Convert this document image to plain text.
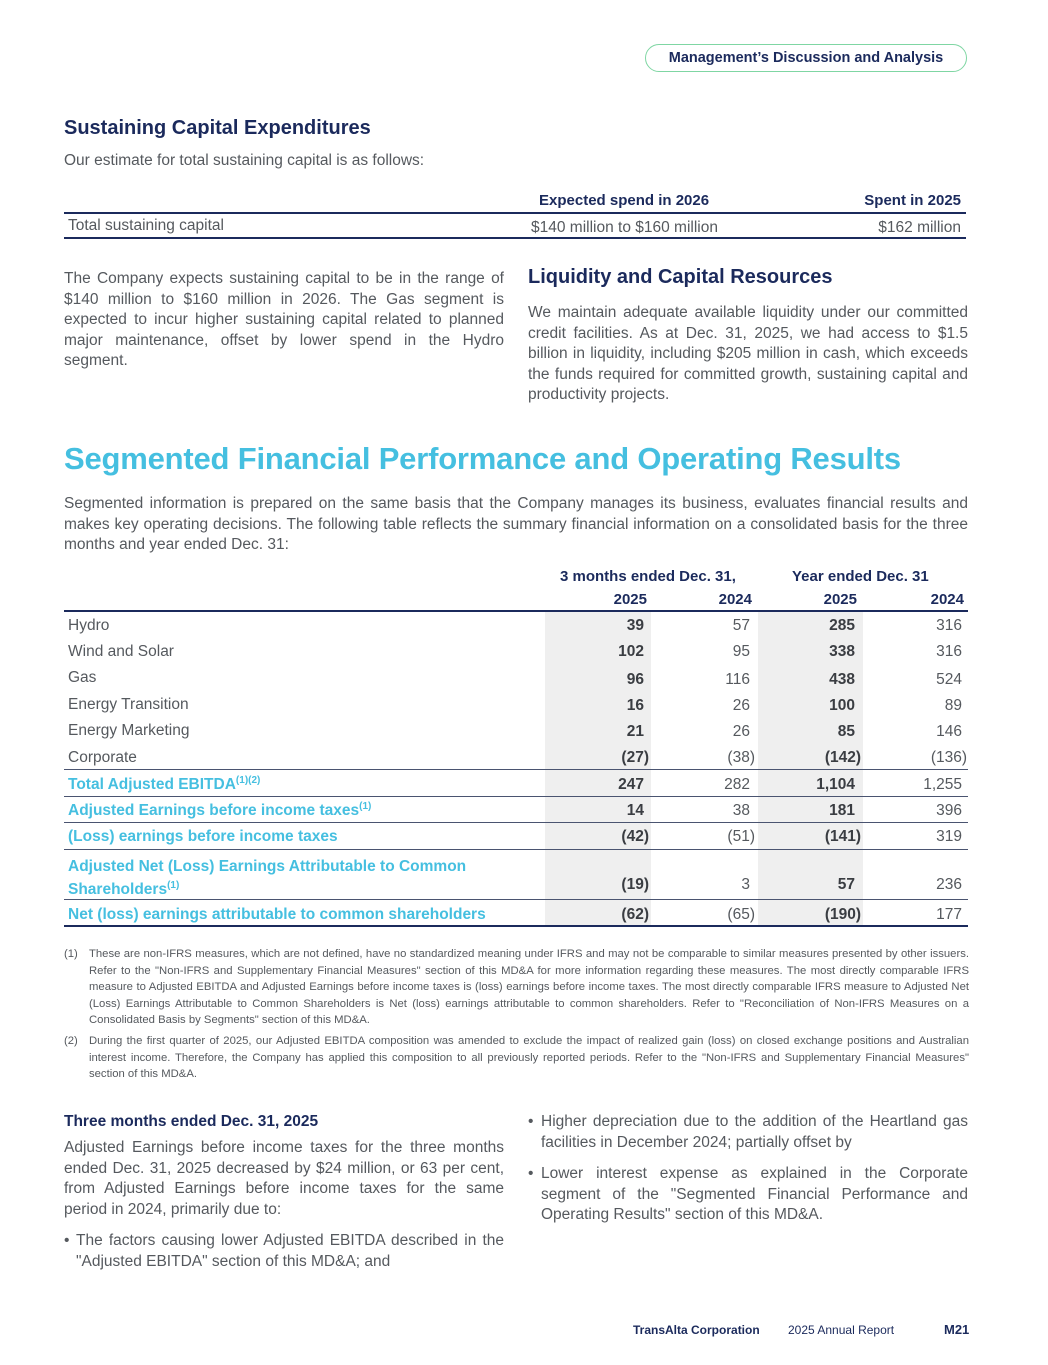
Management’s Discussion and Analysis
Sustaining Capital Expenditures
Our estimate for total sustaining capital is as follows:
Expected spend in 2026	Spent in 2025
Total sustaining capital	$140 million to $160 million	$162 million
The Company expects sustaining capital to be in the range of $140 million to $160 million in 2026. The Gas segment is expected to incur higher sustaining capital related to planned major maintenance, offset by lower spend in the Hydro segment.
Liquidity and Capital Resources
We maintain adequate available liquidity under our committed credit facilities. As at Dec. 31, 2025, we had access to $1.5 billion in liquidity, including $205 million in cash, which exceeds the funds required for committed growth, sustaining capital and productivity projects.
Segmented Financial Performance and Operating Results
Segmented information is prepared on the same basis that the Company manages its business, evaluates financial results and makes key operating decisions. The following table reflects the summary financial information on a consolidated basis for the three months and year ended Dec. 31:
3 months ended Dec. 31,	Year ended Dec. 31
2025	2024	2025	2024
Hydro	39	57	285	316
Wind and Solar	102	95	338	316
Gas	96	116	438	524
Energy Transition	16	26	100	89
Energy Marketing	21	26	85	146
Corporate	(27)	(38)	(142)	(136)
Total Adjusted $EBITDA^{(1)(2)}$	247	282	1,104	1,255
Adjusted Earnings before income taxes$^{(1)}$	14	38	181	396
(Loss) earnings before income taxes	(42)	(51)	(141)	319
Adjusted Net (Loss) Earnings Attributable to Common
Shareholders$^{(1)}$	(19)	3	57	236
Net (loss) earnings attributable to common shareholders	(62)	(65)	(190)	177
(1) These are non-IFRS measures, which are not defined, have no standardized meaning under IFRS and may not be comparable to similar measures presented by other issuers. Refer to the "Non-IFRS and Supplementary Financial Measures" section of this MD&A for more information regarding these measures. The most directly comparable IFRS measure to Adjusted EBITDA and Adjusted Earnings before income taxes is (loss) earnings before income taxes. The most directly comparable IFRS measure to Adjusted Net (Loss) Earnings Attributable to Common Shareholders is Net (loss) earnings attributable to common shareholders. Refer to "Reconciliation of Non-IFRS Measures on a Consolidated Basis by Segments" section of this MD&A.
(2) During the first quarter of 2025, our Adjusted EBITDA composition was amended to exclude the impact of realized gain (loss) on closed exchange positions and Australian interest income. Therefore, the Company has applied this composition to all previously reported periods. Refer to the "Non-IFRS and Supplementary Financial Measures" section of this MD&A.
Three months ended Dec. 31, 2025
Adjusted Earnings before income taxes for the three months ended Dec. 31, 2025 decreased by $24 million, or 63 per cent, from Adjusted Earnings before income taxes for the same period in 2024, primarily due to:
• The factors causing lower Adjusted EBITDA described in the "Adjusted EBITDA" section of this MD&A; and
• Higher depreciation due to the addition of the Heartland gas facilities in December 2024; partially offset by
• Lower interest expense as explained in the Corporate segment of the "Segmented Financial Performance and Operating Results" section of this MD&A.
TransAlta Corporation 2025 Annual Report	M21
